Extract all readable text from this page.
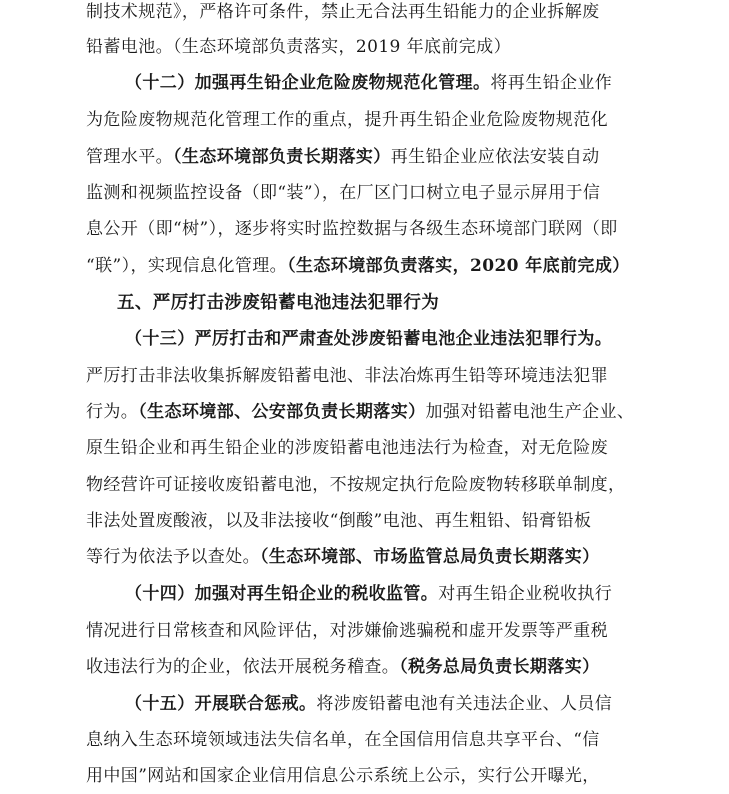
制技术规范》，严格许可条件，禁止无合法再生铅能力的企业拆解废
铅蓄电池。（生态环境部负责落实，2019 年底前完成）
（十二）加强再生铅企业危险废物规范化管理。将再生铅企业作
为危险废物规范化管理工作的重点，提升再生铅企业危险废物规范化
管理水平。（生态环境部负责长期落实）再生铅企业应依法安装自动
监测和视频监控设备（即“装”），在厂区门口树立电子显示屏用于信
息公开（即“树”），逐步将实时监控数据与各级生态环境部门联网（即
“联”），实现信息化管理。（生态环境部负责落实，2020 年底前完成）
五、严厉打击涉废铅蓄电池违法犯罪行为
（十三）严厉打击和严肃查处涉废铅蓄电池企业违法犯罪行为。
严厉打击非法收集拆解废铅蓄电池、非法冶炼再生铅等环境违法犯罪
行为。（生态环境部、公安部负责长期落实）加强对铅蓄电池生产企业、
原生铅企业和再生铅企业的涉废铅蓄电池违法行为检查，对无危险废
物经营许可证接收废铅蓄电池，不按规定执行危险废物转移联单制度，
非法处置废酸液，以及非法接收“倒酸”电池、再生粗铅、铅膏铅板
等行为依法予以查处。（生态环境部、市场监管总局负责长期落实）
（十四）加强对再生铅企业的税收监管。对再生铅企业税收执行
情况进行日常核查和风险评估，对涉嫌偷逃骗税和虚开发票等严重税
收违法行为的企业，依法开展税务稽查。（税务总局负责长期落实）
（十五）开展联合惩戒。将涉废铅蓄电池有关违法企业、人员信
息纳入生态环境领域违法失信名单，在全国信用信息共享平台、“信
用中国”网站和国家企业信用信息公示系统上公示，实行公开曝光，
